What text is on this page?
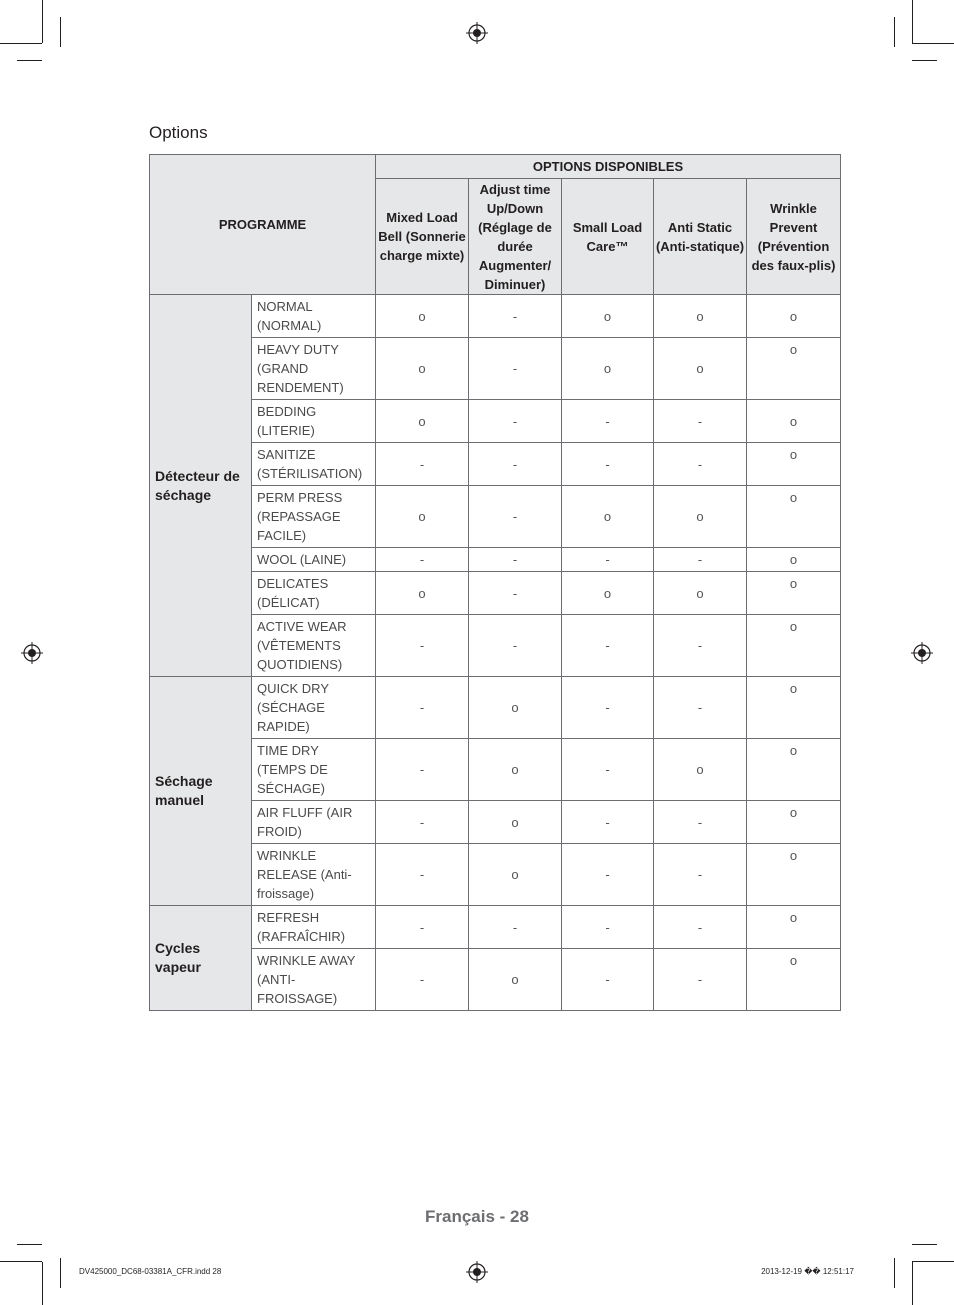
Options
PROGRAMME		OPTIONS DISPONIBLES				
		Mixed Load Bell (Sonnerie charge mixte)	Adjust time Up/Down (Réglage de durée Augmenter/ Diminuer)	Small Load Care™	Anti Static (Anti-statique)	Wrinkle Prevent (Prévention des faux-plis)
Détecteur de séchage	NORMAL (NORMAL)	o	-	o	o	o
	HEAVY DUTY (GRAND RENDEMENT)	o	-	o	o	o
	BEDDING (LITERIE)	o	-	-	-	o
	SANITIZE (STÉRILISATION)	-	-	-	-	o
	PERM PRESS (REPASSAGE FACILE)	o	-	o	o	o
	WOOL (LAINE)	-	-	-	-	o
	DELICATES (DÉLICAT)	o	-	o	o	o
	ACTIVE WEAR (VÊTEMENTS QUOTIDIENS)	-	-	-	-	o
Séchage manuel	QUICK DRY (SÉCHAGE RAPIDE)	-	o	-	-	o
	TIME DRY (TEMPS DE SÉCHAGE)	-	o	-	o	o
	AIR FLUFF (AIR FROID)	-	o	-	-	o
	WRINKLE RELEASE (Anti-froissage)	-	o	-	-	o
Cycles vapeur	REFRESH (RAFRAÎCHIR)	-	-	-	-	o
	WRINKLE AWAY (ANTI-FROISSAGE)	-	o	-	-	o
Français - 28
DV425000_DC68-03381A_CFR.indd 28	2013-12-19 �� 12:51:17
